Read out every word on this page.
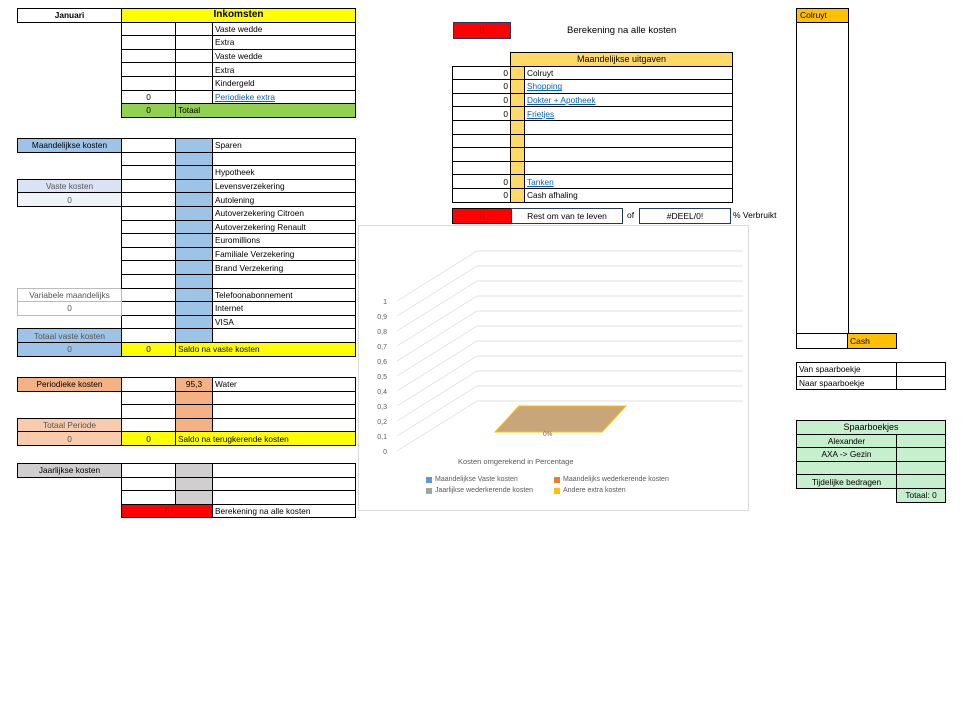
Januari	Inkomsten		
			Vaste wedde
			Extra
			Vaste wedde
			Extra
			Kindergeld
	0		Periodieke extra
	0	Totaal	
Maandelijkse kosten			Sparen

			Hypotheek
Vaste kosten			Levensverzekering
0			Autolening
			Autoverzekering Citroen
			Autoverzekering Renault
			Euromillions
			Familiale Verzekering
			Brand Verzekering

Variabele maandelijks			Telefoonabonnement
0			Internet
			VISA
Totaal vaste kosten			
0	0	Saldo na vaste kosten	
Periodieke kosten		95,3	Water

Totaal Periode			
0	0	Saldo na terugkerende kosten	
Jaarlijkse kosten			

	0		Berekening na alle kosten
0	Berekening na alle kosten
	Maandelijkse uitgaven	
0		Colruyt
0		Shopping
0		Dokter + Apotheek
0		Frietjes

0		Tanken
0		Cash afhaling
0	Rest om van te leven	of	#DEEL/0!	% Verbruikt
0
0,1
0,2
0,3
0,4
0,5
0,6
0,7
0,8
0,9
1
0%
Kosten omgerekend in Percentage
Maandelijkse Vaste kosten	Maandelijks wederkerende kosten
Jaarlijkse wederkerende kosten	Andere extra kosten
Colruyt
Cash
Van spaarboekje	
Naar spaarboekje	
Spaarboekjes	
Alexander	
AXA -> Gezin	

Tijdelijke bedragen	
	Totaal: 0
